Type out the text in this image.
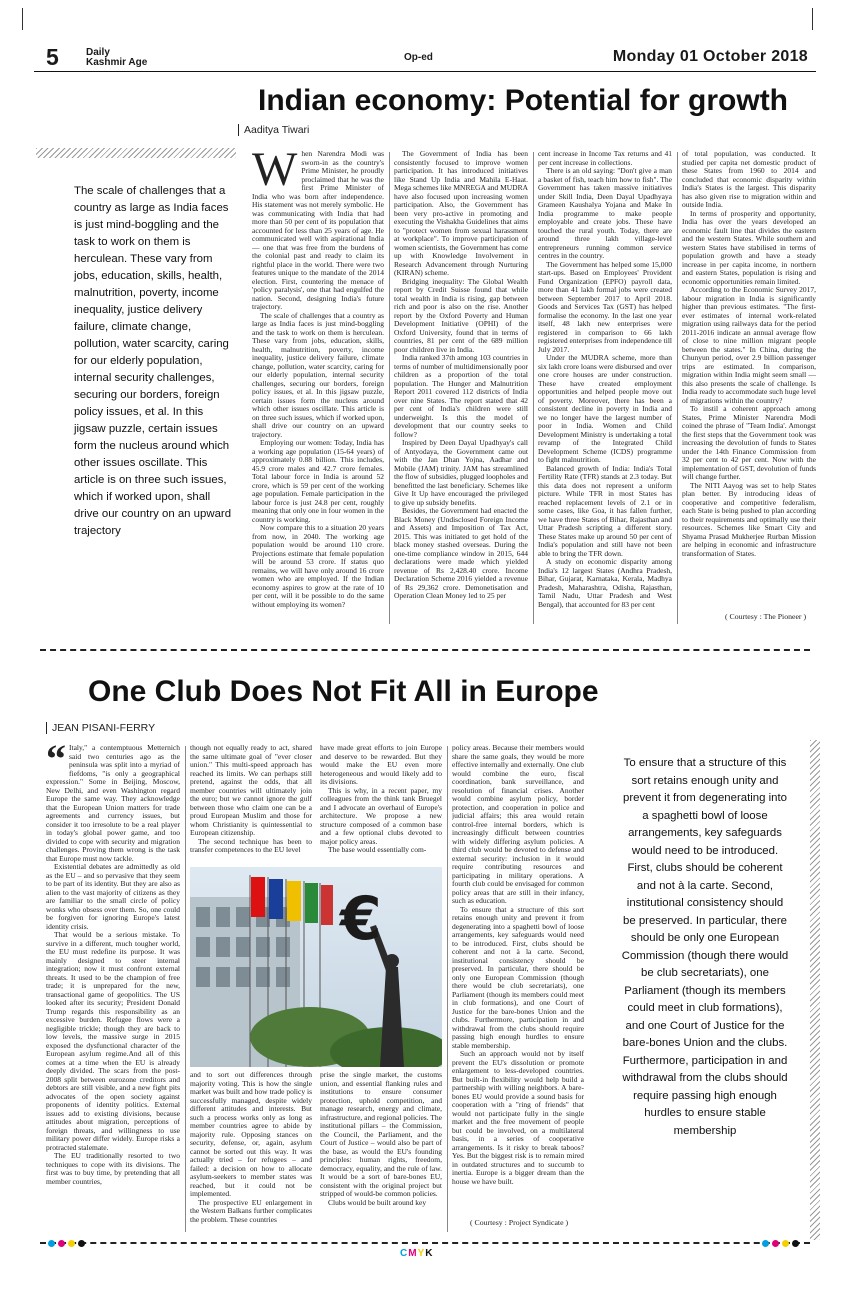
5	Daily
Kashmir Age	Op-ed	Monday 01 October 2018
Indian economy: Potential for growth
Aaditya Tiwari
The scale of challenges that a country as large as India faces is just mind-boggling and the task to work on them is herculean. These vary from jobs, education, skills, health, malnutrition, poverty, income inequality, justice delivery failure, climate change, pollution, water scarcity, caring for our elderly population, internal security challenges, securing our borders, foreign policy issues, et al. In this jigsaw puzzle, certain issues form the nucleus around which other issues oscillate. This article is on three such issues, which if worked upon, shall drive our country on an upward trajectory
W hen Narendra Modi was sworn-in as the country's Prime Minister, he proudly proclaimed that he was the first Prime Minister of India who was born after independence. His statement was not merely symbolic. He was communicating with India that had more than 50 per cent of its population that accounted for less than 25 years of age. He communicated well with aspirational India — one that was free from the burdens of the colonial past and ready to claim its rightful place in the world. There were two features unique to the mandate of the 2014 election. First, countering the menace of 'policy paralysis', one that had engulfed the nation. Second, designing India's future trajectory.

The scale of challenges that a country as large as India faces is just mind-boggling and the task to work on them is herculean. These vary from jobs, education, skills, health, malnutrition, poverty, income inequality, justice delivery failure, climate change, pollution, water scarcity, caring for our elderly population, internal security challenges, securing our borders, foreign policy issues, et al. In this jigsaw puzzle, certain issues form the nucleus around which other issues oscillate. This article is on three such issues, which if worked upon, shall drive our country on an upward trajectory.

Employing our women: Today, India has a working age population (15-64 years) of approximately 0.88 billion. This includes, 45.9 crore males and 42.7 crore females. Total labour force in India is around 52 crore, which is 59 per cent of the working age population. Female participation in the labour force is just 24.8 per cent, roughly meaning that only one in four women in the country is working.

Now compare this to a situation 20 years from now, in 2040. The working age population would be around 110 crore. Projections estimate that female population will be around 53 crore. If status quo remains, we will have only around 16 crore women who are employed. If the Indian economy aspires to grow at the rate of 10 per cent, will it be possible to do the same without employing its women?

The Government of India has been consistently focused to improve women participation. It has introduced initiatives like Stand Up India and Mahila E-Haat. Mega schemes like MNREGA and MUDRA have also focused upon increasing women participation. Also, the Government has been very pro-active in promoting and executing the Vishakha Guidelines that aims to "protect women from sexual harassment at workplace". To improve participation of women scientists, the Government has come up with Knowledge Involvement in Research Advancement through Nurturing (KIRAN) scheme.

Bridging inequality: The Global Wealth report by Credit Suisse found that while total wealth in India is rising, gap between rich and poor is also on the rise. Another report by the Oxford Poverty and Human Development Initiative (OPHI) of the Oxford University, found that in terms of countries, 81 per cent of the 689 million poor children live in India.

India ranked 37th among 103 countries in terms of number of multidimensionally poor children as a proportion of the total population. The Hunger and Malnutrition Report 2011 covered 112 districts of India over nine States. The report stated that 42 per cent of India's children were still underweight. Is this the model of development that our country seeks to follow?

Inspired by Deen Dayal Upadhyay's call of Antyodaya, the Government came out with the Jan Dhan Yojna, Aadhar and Mobile (JAM) trinity. JAM has streamlined the flow of subsidies, plugged loopholes and benefitted the last beneficiary. Schemes like Give It Up have encouraged the privileged to give up subsidy benefits.

Besides, the Government had enacted the Black Money (Undisclosed Foreign Income and Assets) and Imposition of Tax Act, 2015. This was initiated to get hold of the black money stashed overseas. During the one-time compliance window in 2015, 644 declarations were made which yielded revenue of Rs 2,428.40 crore. Income Declaration Scheme 2016 yielded a revenue of Rs 29,362 crore. Demonetisation and Operation Clean Money led to 25 per

cent increase in Income Tax returns and 41 per cent increase in collections.

There is an old saying: "Don't give a man a basket of fish, teach him how to fish". The Government has taken massive initiatives under Skill India, Deen Dayal Upadhyaya Grameen Kaushalya Yojana and Make In India programme to make people employable and create jobs. These have touched the rural youth. Today, there are around three lakh village-level entrepreneurs running common service centres in the country.

The Government has helped some 15,000 start-ups. Based on Employees' Provident Fund Organization (EPFO) payroll data, more than 41 lakh formal jobs were created between September 2017 to April 2018. Goods and Services Tax (GST) has helped formalise the economy. In the last one year itself, 48 lakh new enterprises were registered in comparison to 66 lakh registered enterprises from independence till July 2017.

Under the MUDRA scheme, more than six lakh crore loans were disbursed and over one crore houses are under construction. These have created employment opportunities and helped people move out of poverty. Moreover, there has been a consistent decline in poverty in India and we no longer have the largest number of poor in India. Women and Child Development Ministry is undertaking a total revamp of the Integrated Child Development Scheme (ICDS) programme to fight malnutrition.

Balanced growth of India: India's Total Fertility Rate (TFR) stands at 2.3 today. But this data does not represent a uniform picture. While TFR in most States has reached replacement levels of 2.1 or in some cases, like Goa, it has fallen further, we have three States of Bihar, Rajasthan and Uttar Pradesh scripting a different story. These States make up around 50 per cent of India's population and still have not been able to bring the TFR down.

A study on economic disparity among India's 12 largest States (Andhra Pradesh, Bihar, Gujarat, Karnataka, Kerala, Madhya Pradesh, Maharashtra, Odisha, Rajasthan, Tamil Nadu, Uttar Pradesh and West Bengal), that accounted for 83 per cent

of total population, was conducted. It studied per capita net domestic product of these States from 1960 to 2014 and concluded that economic disparity within India's States is the largest. This disparity has also given rise to migration within and outside India.

In terms of prosperity and opportunity, India has over the years developed an economic fault line that divides the eastern and the western States. While southern and western States have stabilised in terms of population growth and have a steady increase in per capita income, in northern and eastern States, population is rising and economic opportunities remain limited.

According to the Economic Survey 2017, labour migration in India is significantly higher than previous estimates. "The first-ever estimates of internal work-related migration using railways data for the period 2011-2016 indicate an annual average flow of close to nine million migrant people between the states." In China, during the Chunyun period, over 2.9 billion passenger trips are estimated. In comparison, migration within India might seem small — this also presents the scale of challenge. Is India ready to accommodate such huge level of migrations within the country?

To instil a coherent approach among States, Prime Minister Narendra Modi coined the phrase of "Team India'. Amongst the first steps that the Government took was increasing the devolution of funds to States under the 14th Finance Commission from 32 per cent to 42 per cent. Now with the implementation of GST, devolution of funds will change further.

The NITI Aayog was set to help States plan better. By introducing ideas of cooperative and competitive federalism, each State is being pushed to plan according to their requirements and optimally use their resources. Schemes like Smart City and Shyama Prasad Mukherjee Rurban Mission are helping in economic and infrastructure transformation of States.

( Courtesy : The Pioneer )
One Club Does Not Fit All in Europe
JEAN PISANI-FERRY
“ Italy," a contemptuous Metternich said two centuries ago as the peninsula was split into a myriad of fiefdoms, "is only a geographical expression." Some in Beijing, Moscow, New Delhi, and even Washington regard Europe the same way. They acknowledge that the European Union matters for trade agreements and currency issues, but consider it too irresolute to be a real player in today's global power game, and too divided to cope with security and migration challenges. Proving them wrong is the task that Europe must now tackle.

Existential debates are admittedly as old as the EU – and so pervasive that they seem to be part of its identity. But they are also as alien to the vast majority of citizens as they are familiar to the small circle of policy wonks who obsess over them. So, one could be forgiven for ignoring Europe's latest identity crisis.

That would be a serious mistake. To survive in a different, much tougher world, the EU must redefine its purpose. It was mainly designed to steer internal integration; now it must confront external threats. It used to be the champion of free trade; it is unprepared for the new, transactional game of geopolitics. The US looked after its security; President Donald Trump regards this responsibility as an excessive burden. Refugee flows were a negligible trickle; though they are back to low levels, the massive surge in 2015 exposed the dysfunctional character of the European asylum regime.And all of this comes at a time when the EU is already deeply divided. The scars from the post-2008 split between eurozone creditors and debtors are still visible, and a new fight pits advocates of the open society against proponents of identity politics. External issues add to existing divisions, because attitudes about migration, perceptions of foreign threats, and willingness to use military power differ widely. Europe risks a protracted stalemate.

The EU traditionally resorted to two techniques to cope with its divisions. The first was to buy time, by pretending that all member countries,

though not equally ready to act, shared the same ultimate goal of "ever closer union." This multi-speed approach has reached its limits. We can perhaps still pretend, against the odds, that all member countries will ultimately join the euro; but we cannot ignore the gulf between those who claim one can be a proud European Muslim and those for whom Christianity is quintessential to European citizenship.

The second technique has been to transfer competences to the EU level

have made great efforts to join Europe and deserve to be rewarded. But they would make the EU even more heterogeneous and would likely add to its divisions.

This is why, in a recent paper, my colleagues from the think tank Bruegel and I advocate an overhaul of Europe's architecture. We propose a new structure composed of a common base and a few optional clubs devoted to major policy areas.

The base would essentially com-

€

and to sort out differences through majority voting. This is how the single market was built and how trade policy is successfully managed, despite widely different attitudes and interests. But such a process works only as long as member countries agree to abide by majority rule. Opposing stances on security, defense, or, again, asylum cannot be sorted out this way. It was actually tried – for refugees – and failed: a decision on how to allocate asylum-seekers to member states was reached, but it could not be implemented.

The prospective EU enlargement in the Western Balkans further complicates the problem. These countries

prise the single market, the customs union, and essential flanking rules and institutions to ensure consumer protection, uphold competition, and manage research, energy and climate, infrastructure, and regional policies. The institutional pillars – the Commission, the Council, the Parliament, and the Court of Justice – would also be part of the base, as would the EU's founding principles: human rights, freedom, democracy, equality, and the rule of law. It would be a sort of bare-bones EU, consistent with the original project but stripped of would-be common policies.

Clubs would be built around key

policy areas. Because their members would share the same goals, they would be more effective internally and externally. One club would combine the euro, fiscal coordination, bank surveillance, and resolution of financial crises. Another would combine asylum policy, border protection, and cooperation in police and judicial affairs; this area would retain control-free internal borders, which is increasingly difficult between countries with widely differing asylum policies. A third club would be devoted to defense and external security: inclusion in it would require contributing resources and participating in military operations. A fourth club could be envisaged for common policy areas that are still in their infancy, such as education.

To ensure that a structure of this sort retains enough unity and prevent it from degenerating into a spaghetti bowl of loose arrangements, key safeguards would need to be introduced. First, clubs should be coherent and not à la carte. Second, institutional consistency should be preserved. In particular, there should be only one European Commission (though there would be club secretariats), one Parliament (though its members could meet in club formations), and one Court of Justice for the bare-bones Union and the clubs. Furthermore, participation in and withdrawal from the clubs should require passing high enough hurdles to ensure stable membership.

Such an approach would not by itself prevent the EU's dissolution or promote enlargement to less-developed countries. But built-in flexibility would help build a partnership with willing neighbors. A bare-bones EU would provide a sound basis for cooperation with a "ring of friends" that would not participate fully in the single market and the free movement of people but could be involved, on a multilateral basis, in a series of cooperative arrangements. Is it risky to break taboos? Yes. But the biggest risk is to remain mired in outdated structures and to succumb to inertia. Europe is a bigger dream than the house we have built.

( Courtesy : Project Syndicate )
To ensure that a structure of this sort retains enough unity and prevent it from degenerating into a spaghetti bowl of loose arrangements, key safeguards would need to be introduced. First, clubs should be coherent and not à la carte. Second, institutional consistency should be preserved. In particular, there should be only one European Commission (though there would be club secretariats), one Parliament (though its members could meet in club formations), and one Court of Justice for the bare-bones Union and the clubs. Furthermore, participation in and withdrawal from the clubs should require passing high enough hurdles to ensure stable membership
CMYK
